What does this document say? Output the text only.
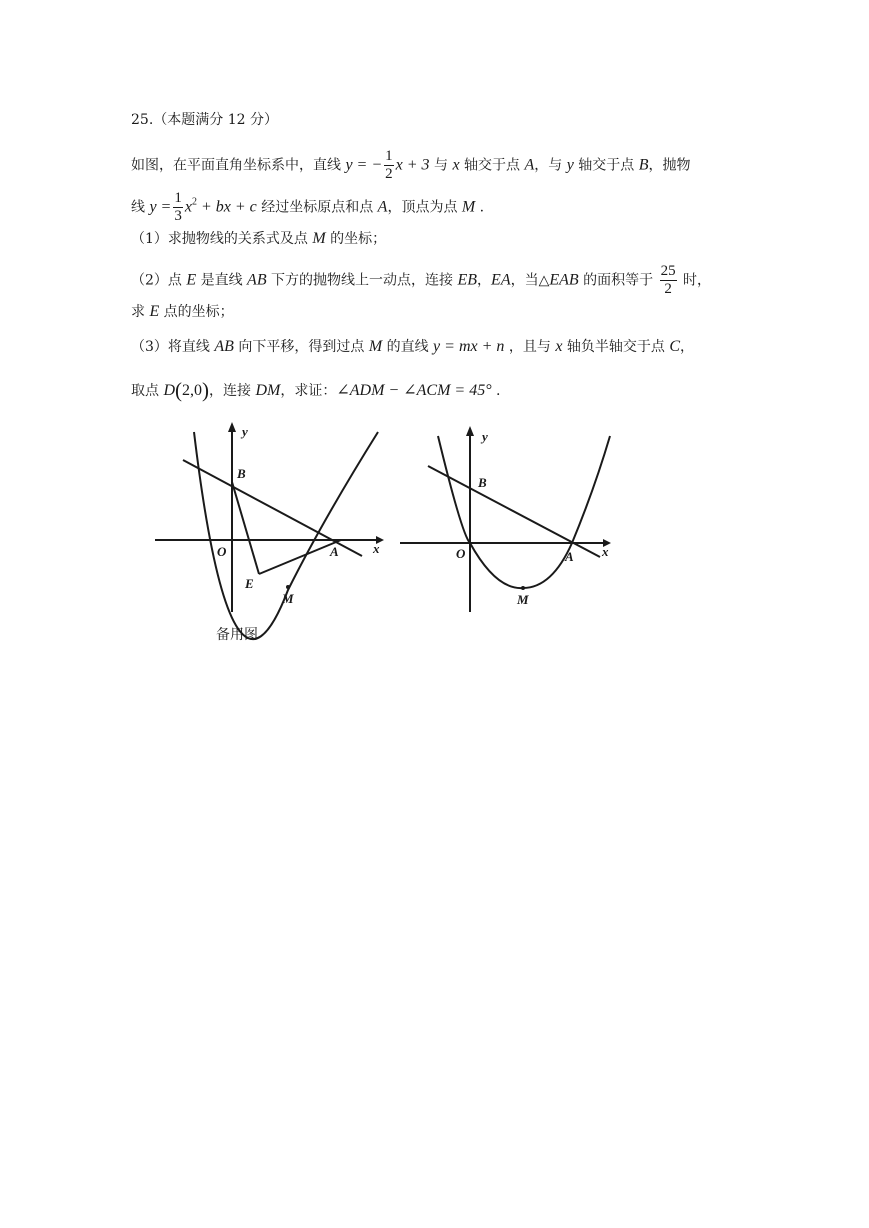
25.（本题满分 12 分）
如图，在平面直角坐标系中，直线 y = − $\frac{1}{2}$ x + 3 与 x 轴交于点 A，与 y 轴交于点 B，抛物
线 $y = \frac{1}{3} x^2$ + bx + c 经过坐标原点和点 A，顶点为点 M .
（1）求抛物线的关系式及点 M 的坐标；
（2）点 E 是直线 AB 下方的抛物线上一动点，连接 EB，EA，当△EAB 的面积等于 $\frac{25}{2}$ 时，
求 E 点的坐标；
（3）将直线 AB 向下平移，得到过点 M 的直线 y = mx + n ，且与 x 轴负半轴交于点 C，
取点 D(2,0)，连接 DM，求证：∠ADM − ∠ACM = 45° .
y
x
B
O	A
E
M
y
x
B
O	A
M
备用图
